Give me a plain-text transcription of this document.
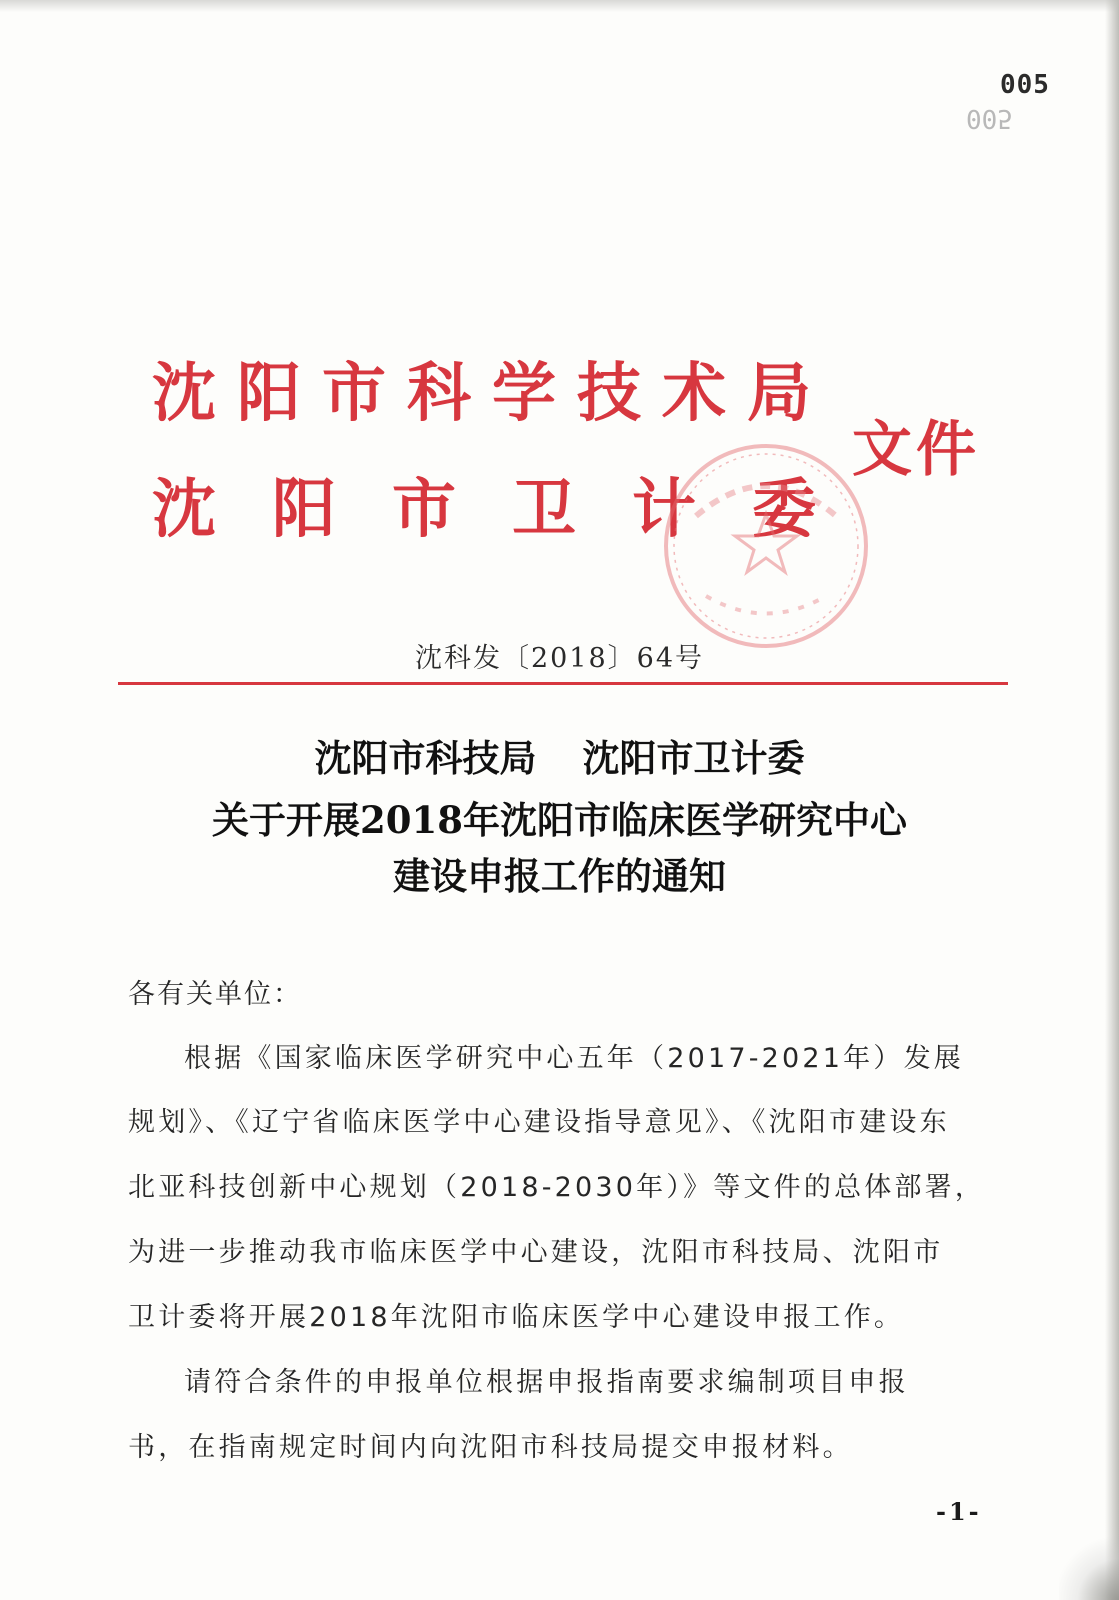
005
005
沈阳市科学技术局
沈阳市卫计委
文件
沈科发〔2018〕64号
沈阳市科技局 沈阳市卫计委
关于开展2018年沈阳市临床医学研究中心
建设申报工作的通知
各有关单位：
根据《国家临床医学研究中心五年（2017-2021年）发展
规划》、《辽宁省临床医学中心建设指导意见》、《沈阳市建设东
北亚科技创新中心规划（2018-2030年）》等文件的总体部署，
为进一步推动我市临床医学中心建设，沈阳市科技局、沈阳市
卫计委将开展2018年沈阳市临床医学中心建设申报工作。
请符合条件的申报单位根据申报指南要求编制项目申报
书，在指南规定时间内向沈阳市科技局提交申报材料。
-1-
